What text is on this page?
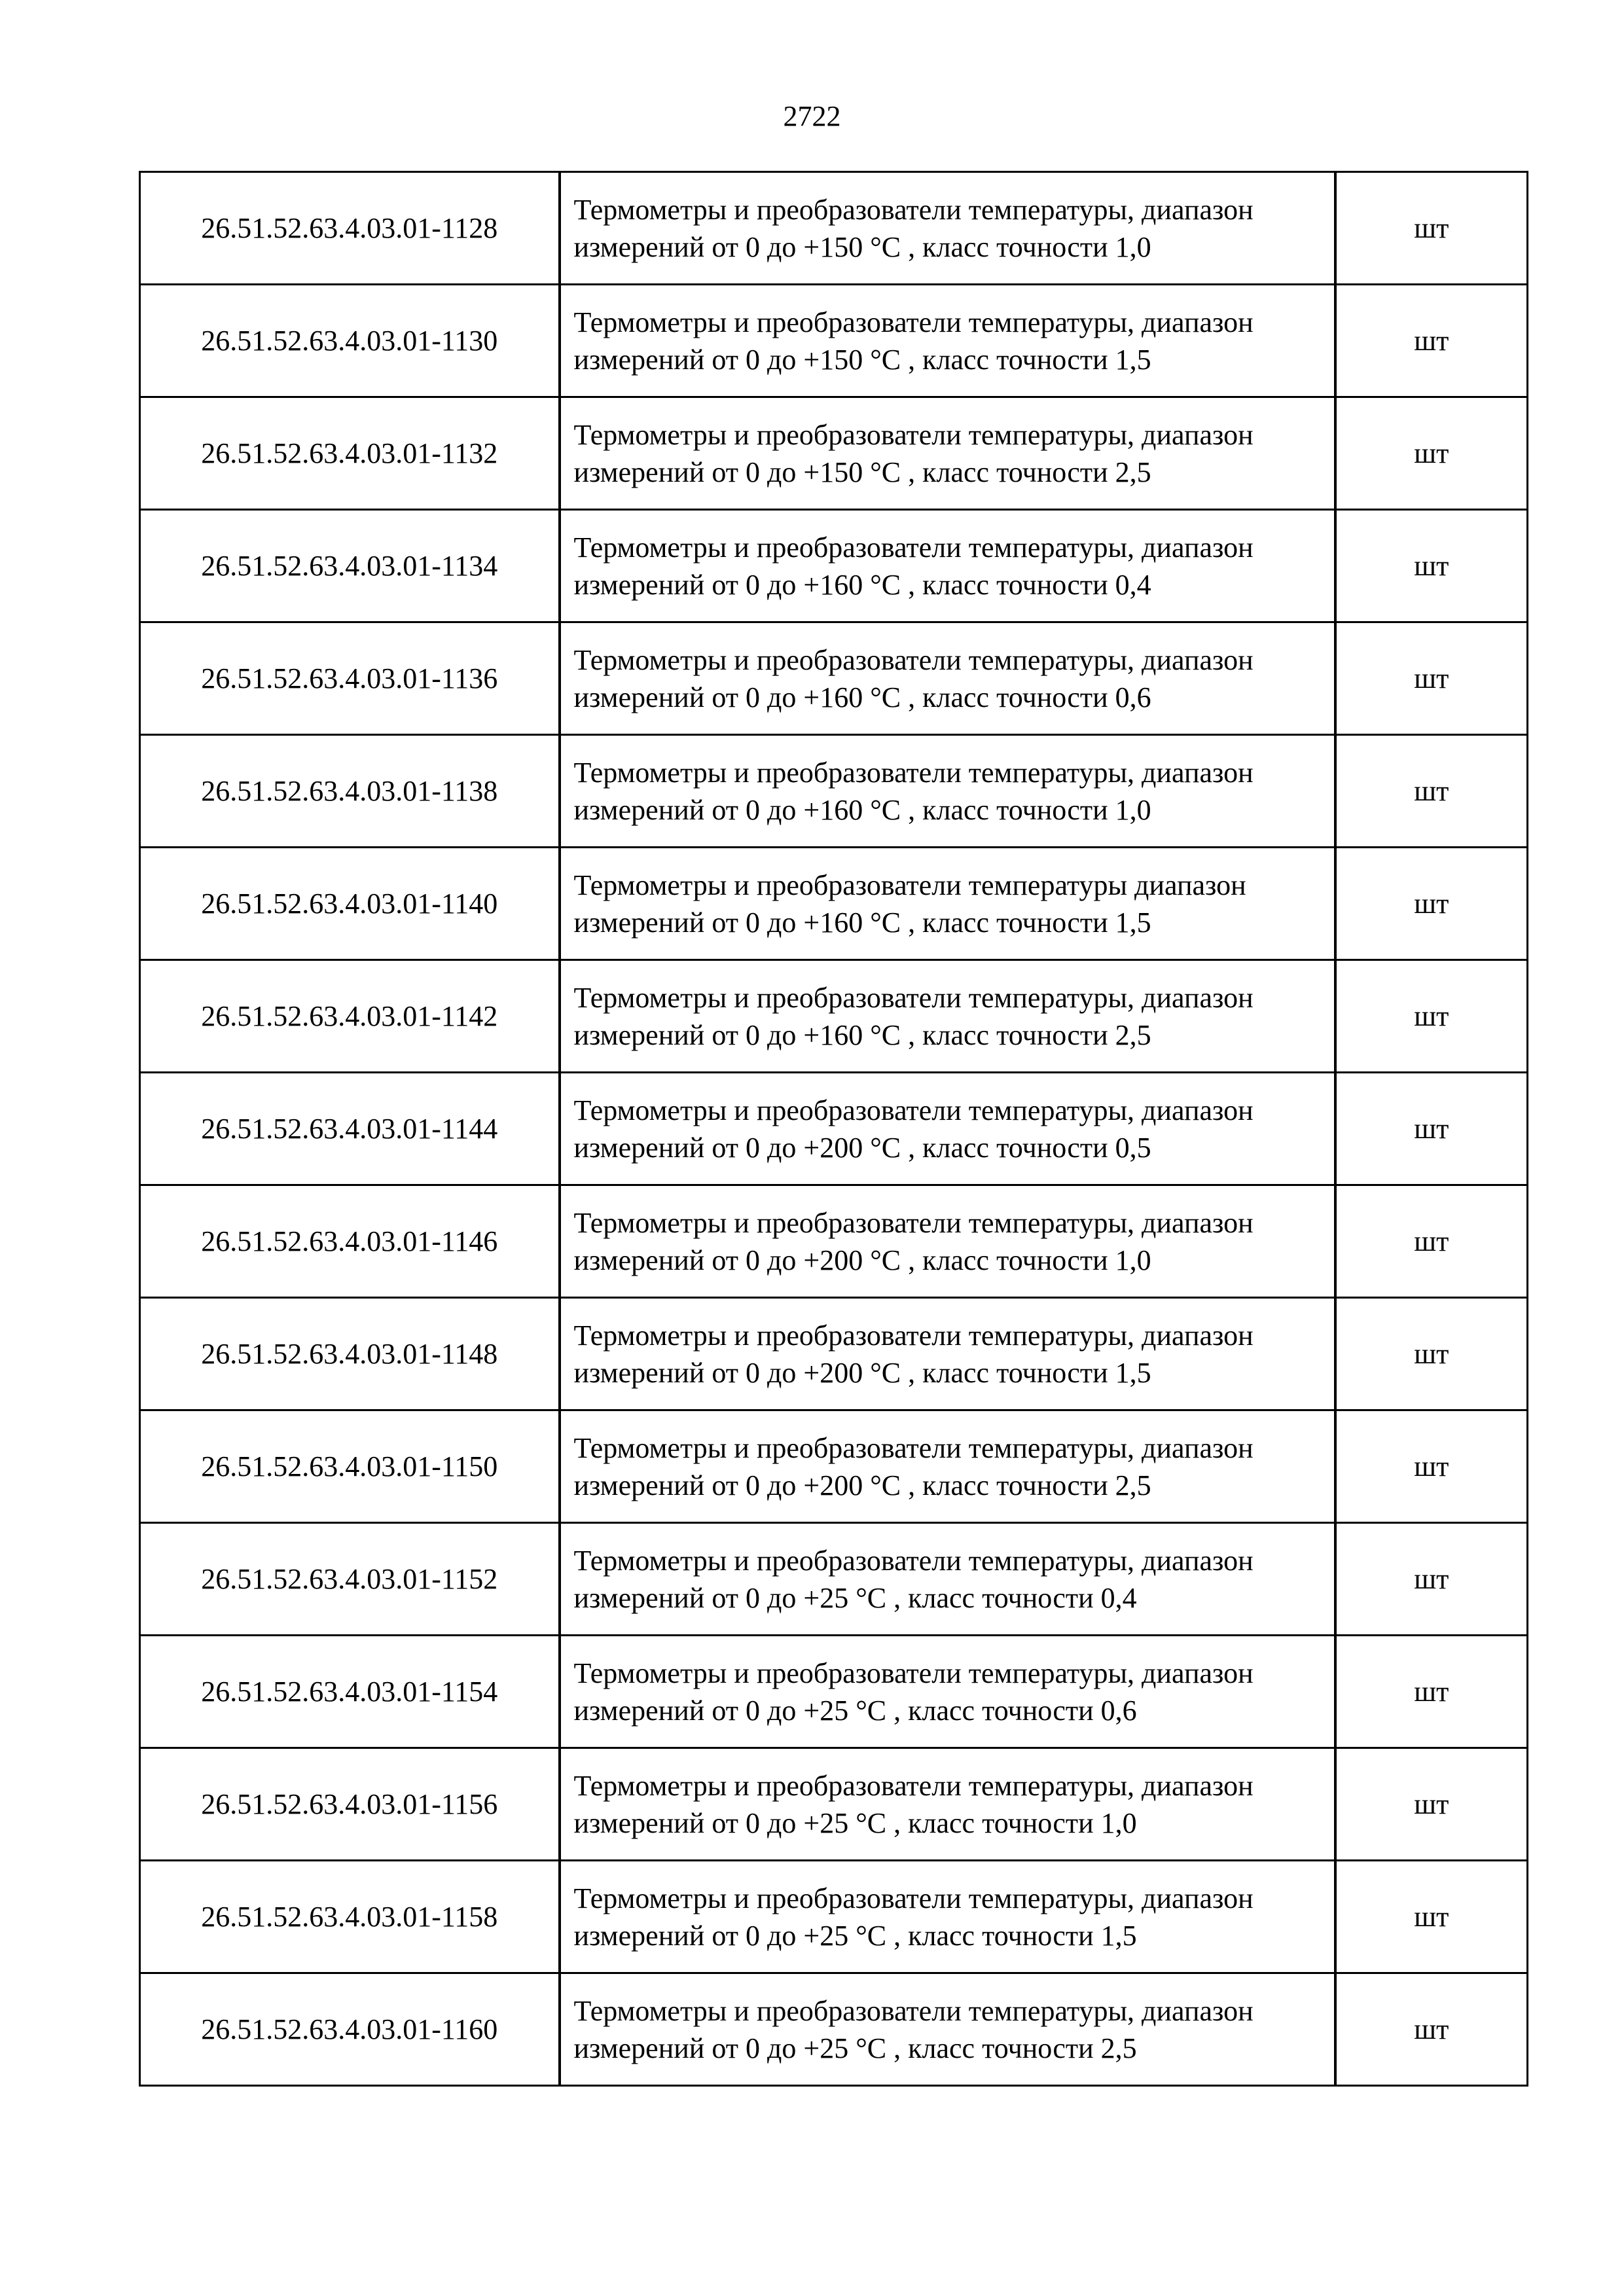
2722
26.51.52.63.4.03.01-1128	Термометры и преобразователи температуры, диапазон измерений от 0 до +150 °С , класс точности 1,0	шт
26.51.52.63.4.03.01-1130	Термометры и преобразователи температуры, диапазон измерений от 0 до +150 °С , класс точности 1,5	шт
26.51.52.63.4.03.01-1132	Термометры и преобразователи температуры, диапазон измерений от 0 до +150 °С , класс точности 2,5	шт
26.51.52.63.4.03.01-1134	Термометры и преобразователи температуры, диапазон измерений от 0 до +160 °С , класс точности 0,4	шт
26.51.52.63.4.03.01-1136	Термометры и преобразователи температуры, диапазон измерений от 0 до +160 °С , класс точности 0,6	шт
26.51.52.63.4.03.01-1138	Термометры и преобразователи температуры, диапазон измерений от 0 до +160 °С , класс точности 1,0	шт
26.51.52.63.4.03.01-1140	Термометры и преобразователи температуры диапазон измерений от 0 до +160 °С , класс точности 1,5	шт
26.51.52.63.4.03.01-1142	Термометры и преобразователи температуры, диапазон измерений от 0 до +160 °С , класс точности 2,5	шт
26.51.52.63.4.03.01-1144	Термометры и преобразователи температуры, диапазон измерений от 0 до +200 °С , класс точности 0,5	шт
26.51.52.63.4.03.01-1146	Термометры и преобразователи температуры, диапазон измерений от 0 до +200 °С , класс точности 1,0	шт
26.51.52.63.4.03.01-1148	Термометры и преобразователи температуры, диапазон измерений от 0 до +200 °С , класс точности 1,5	шт
26.51.52.63.4.03.01-1150	Термометры и преобразователи температуры, диапазон измерений от 0 до +200 °С , класс точности 2,5	шт
26.51.52.63.4.03.01-1152	Термометры и преобразователи температуры, диапазон измерений от 0 до +25 °С , класс точности 0,4	шт
26.51.52.63.4.03.01-1154	Термометры и преобразователи температуры, диапазон измерений от 0 до +25 °С , класс точности 0,6	шт
26.51.52.63.4.03.01-1156	Термометры и преобразователи температуры, диапазон измерений от 0 до +25 °С , класс точности 1,0	шт
26.51.52.63.4.03.01-1158	Термометры и преобразователи температуры, диапазон измерений от 0 до +25 °С , класс точности 1,5	шт
26.51.52.63.4.03.01-1160	Термометры и преобразователи температуры, диапазон измерений от 0 до +25 °С , класс точности 2,5	шт
